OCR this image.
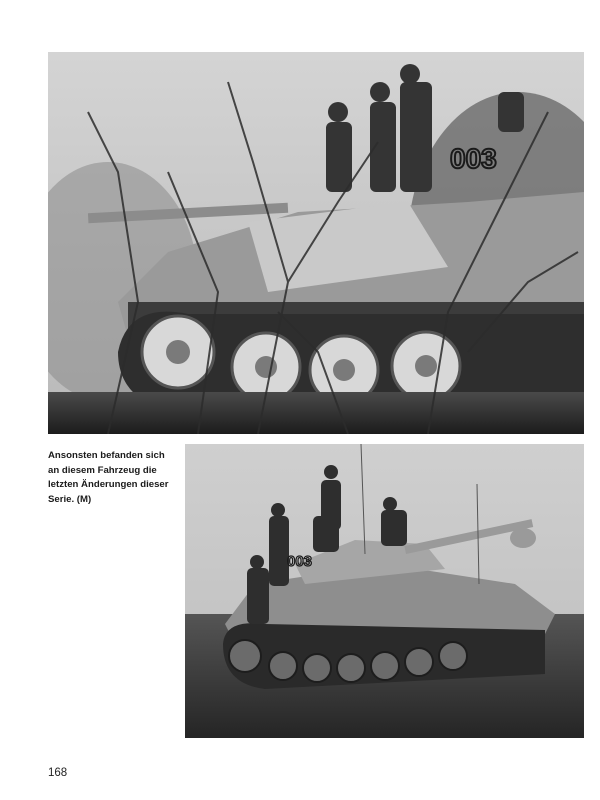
003
Ansonsten befanden sich
an diesem Fahrzeug die
letzten Änderungen dieser
Serie. (M)
003
168
